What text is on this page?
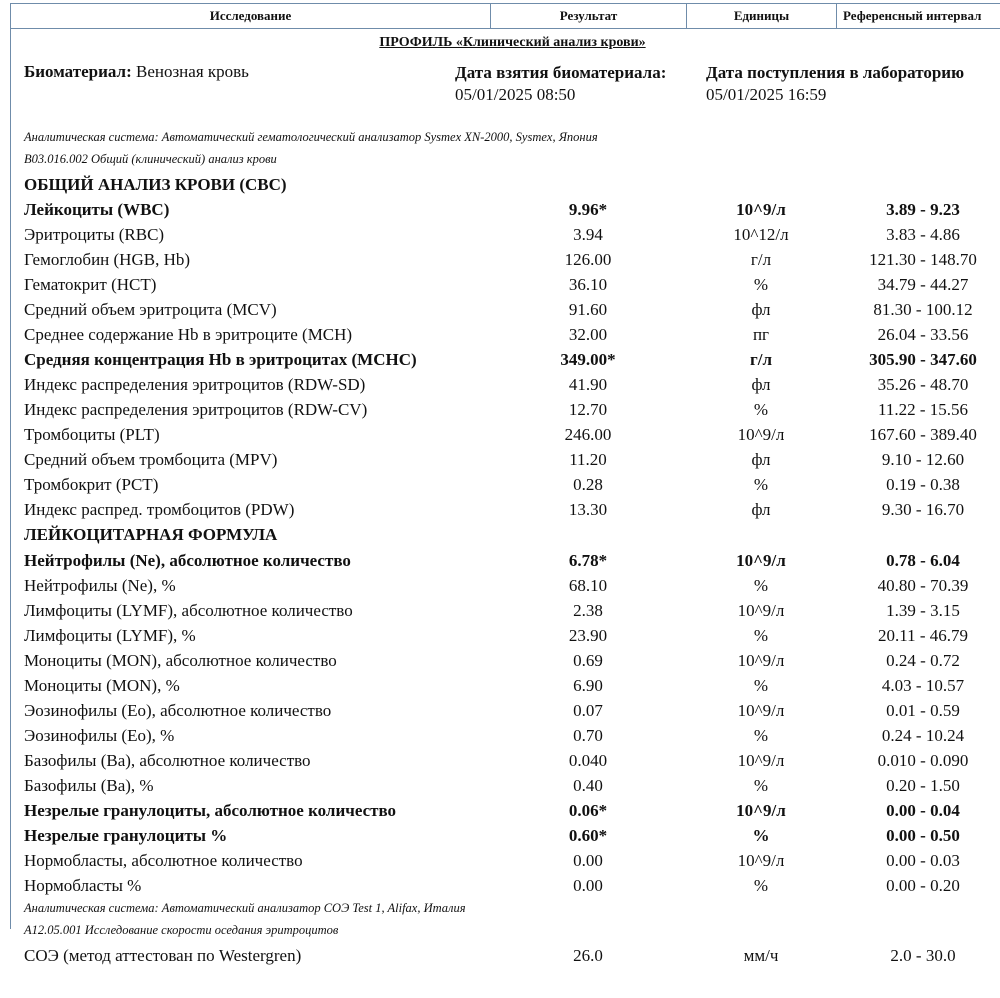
Исследование	Результат	Единицы	Референсный интервал
ПРОФИЛЬ «Клинический анализ крови»
Биоматериал: Венозная кровь	Дата взятия биоматериала:
05/01/2025 08:50
Дата поступления в лабораторию
05/01/2025 16:59
Аналитическая система: Автоматический гематологический анализатор Sysmex XN-2000, Sysmex, Япония
B03.016.002 Общий (клинический) анализ крови
ОБЩИЙ АНАЛИЗ КРОВИ (CBC)
Лейкоциты (WBC)	9.96*	10^9/л	3.89 - 9.23
Эритроциты (RBC)	3.94	10^12/л	3.83 - 4.86
Гемоглобин (HGB, Hb)	126.00	г/л	121.30 - 148.70
Гематокрит (HCT)	36.10	%	34.79 - 44.27
Средний объем эритроцита (MCV)	91.60	фл	81.30 - 100.12
Среднее содержание Hb в эритроците (MCH)	32.00	пг	26.04 - 33.56
Средняя концентрация Hb в эритроцитах (MCHC)	349.00*	г/л	305.90 - 347.60
Индекс распределения эритроцитов (RDW-SD)	41.90	фл	35.26 - 48.70
Индекс распределения эритроцитов (RDW-CV)	12.70	%	11.22 - 15.56
Тромбоциты (PLT)	246.00	10^9/л	167.60 - 389.40
Средний объем тромбоцита (MPV)	11.20	фл	9.10 - 12.60
Тромбокрит (PCT)	0.28	%	0.19 - 0.38
Индекс распред. тромбоцитов (PDW)	13.30	фл	9.30 - 16.70
ЛЕЙКОЦИТАРНАЯ ФОРМУЛА
Нейтрофилы (Ne), абсолютное количество	6.78*	10^9/л	0.78 - 6.04
Нейтрофилы (Ne), %	68.10	%	40.80 - 70.39
Лимфоциты (LYMF), абсолютное количество	2.38	10^9/л	1.39 - 3.15
Лимфоциты (LYMF), %	23.90	%	20.11 - 46.79
Моноциты (MON), абсолютное количество	0.69	10^9/л	0.24 - 0.72
Моноциты (MON), %	6.90	%	4.03 - 10.57
Эозинофилы (Eo), абсолютное количество	0.07	10^9/л	0.01 - 0.59
Эозинофилы (Eo), %	0.70	%	0.24 - 10.24
Базофилы (Ba), абсолютное количество	0.040	10^9/л	0.010 - 0.090
Базофилы (Ba), %	0.40	%	0.20 - 1.50
Незрелые гранулоциты, абсолютное количество	0.06*	10^9/л	0.00 - 0.04
Незрелые гранулоциты %	0.60*	%	0.00 - 0.50
Нормобласты, абсолютное количество	0.00	10^9/л	0.00 - 0.03
Нормобласты %	0.00	%	0.00 - 0.20
Аналитическая система: Автоматический анализатор СОЭ Test 1, Alifax, Италия
A12.05.001 Исследование скорости оседания эритроцитов
СОЭ (метод аттестован по Westergren)	26.0	мм/ч	2.0 - 30.0
